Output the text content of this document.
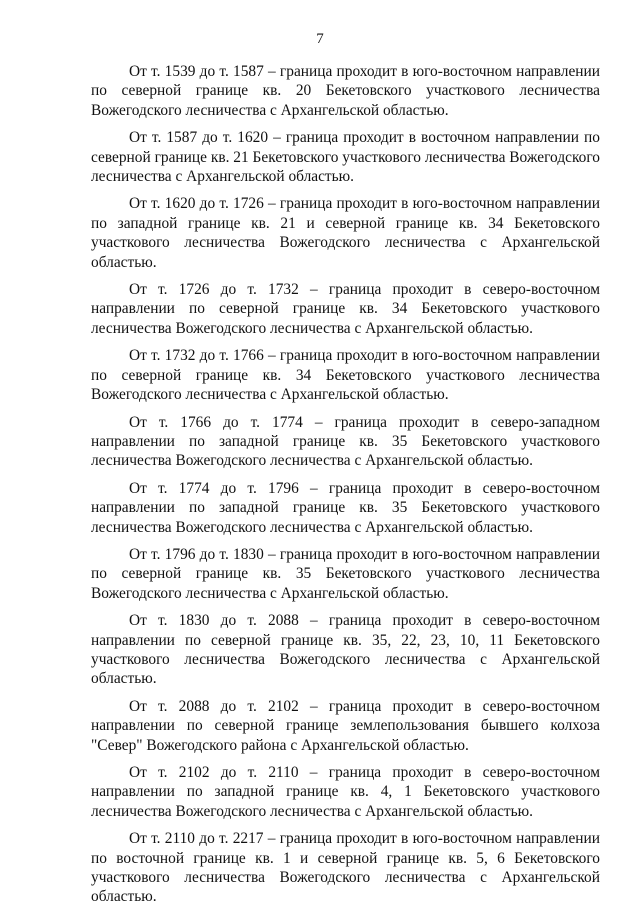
7

От т. 1539 до т. 1587 – граница проходит в юго-восточном направлении по северной границе кв. 20 Бекетовского участкового лесничества Вожегодского лесничества с Архангельской областью.

От т. 1587 до т. 1620 – граница проходит в восточном направлении по северной границе кв. 21 Бекетовского участкового лесничества Вожегодского лесничества с Архангельской областью.

От т. 1620 до т. 1726 – граница проходит в юго-восточном направлении по западной границе кв. 21 и северной границе кв. 34 Бекетовского участкового лесничества Вожегодского лесничества с Архангельской областью.

От т. 1726 до т. 1732 – граница проходит в северо-восточном направлении по северной границе кв. 34 Бекетовского участкового лесничества Вожегодского лесничества с Архангельской областью.

От т. 1732 до т. 1766 – граница проходит в юго-восточном направлении по северной границе кв. 34 Бекетовского участкового лесничества Вожегодского лесничества с Архангельской областью.

От т. 1766 до т. 1774 – граница проходит в северо-западном направлении по западной границе кв. 35 Бекетовского участкового лесничества Вожегодского лесничества с Архангельской областью.

От т. 1774 до т. 1796 – граница проходит в северо-восточном направлении по западной границе кв. 35 Бекетовского участкового лесничества Вожегодского лесничества с Архангельской областью.

От т. 1796 до т. 1830 – граница проходит в юго-восточном направлении по северной границе кв. 35 Бекетовского участкового лесничества Вожегодского лесничества с Архангельской областью.

От т. 1830 до т. 2088 – граница проходит в северо-восточном направлении по северной границе кв. 35, 22, 23, 10, 11 Бекетовского участкового лесничества Вожегодского лесничества с Архангельской областью.

От т. 2088 до т. 2102 – граница проходит в северо-восточном направлении по северной границе землепользования бывшего колхоза "Север" Вожегодского района с Архангельской областью.

От т. 2102 до т. 2110 – граница проходит в северо-восточном направлении по западной границе кв. 4, 1 Бекетовского участкового лесничества Вожегодского лесничества с Архангельской областью.

От т. 2110 до т. 2217 – граница проходит в юго-восточном направлении по восточной границе кв. 1 и северной границе кв. 5, 6 Бекетовского участкового лесничества Вожегодского лесничества с Архангельской областью.
